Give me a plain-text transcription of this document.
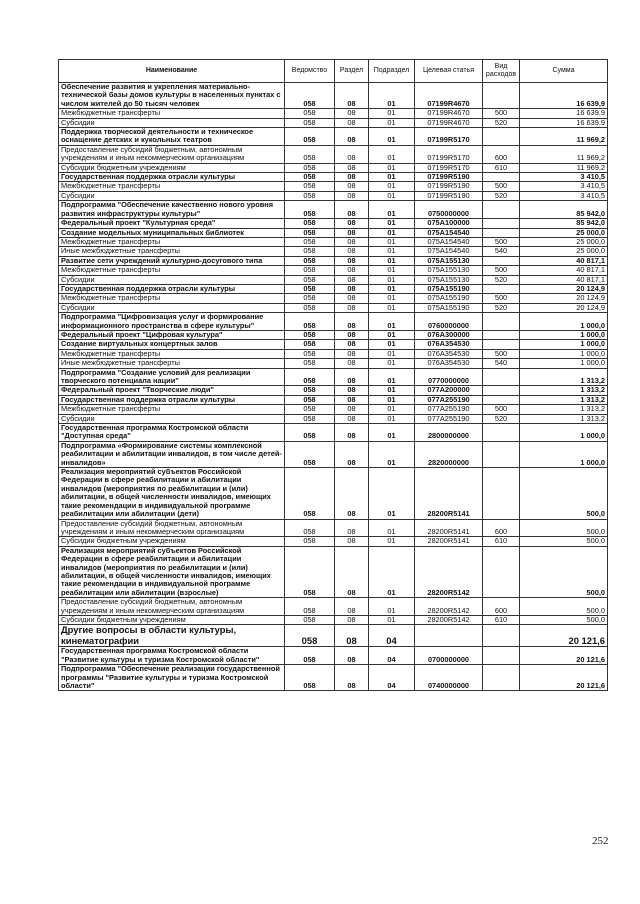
Наименование	Ведомство	Раздел	Подраздел	Целевая статья	Вид расходов	Сумма
Обеспечение развития и укрепления материально-технической базы домов культуры в населенных пунктах с числом жителей до 50 тысяч человек	058	08	01	07199R4670		16 639,9
Межбюджетные трансферты	058	08	01	07199R4670	500	16 639,9
Субсидии	058	08	01	07199R4670	520	16 639,9
Поддержка творческой деятельности и техническое оснащение детских и кукольных театров	058	08	01	07199R5170		11 969,2
Предоставление субсидий бюджетным, автономным учреждениям и иным некоммерческим организациям	058	08	01	07199R5170	600	11 969,2
Субсидии бюджетным учреждениям	058	08	01	07199R5170	610	11 969,2
Государственная поддержка отрасли культуры	058	08	01	07199R5190		3 410,5
Межбюджетные трансферты	058	08	01	07199R5190	500	3 410,5
Субсидии	058	08	01	07199R5190	520	3 410,5
Подпрограмма "Обеспечение качественно нового уровня развития инфраструктуры культуры"	058	08	01	0750000000		85 942,0
Федеральный проект "Культурная среда"	058	08	01	075A100000		85 942,0
Создание модельных муниципальных библиотек	058	08	01	075A154540		25 000,0
Межбюджетные трансферты	058	08	01	075A154540	500	25 000,0
Иные межбюджетные трансферты	058	08	01	075A154540	540	25 000,0
Развитие сети учреждений культурно-досугового типа	058	08	01	075A155130		40 817,1
Межбюджетные трансферты	058	08	01	075A155130	500	40 817,1
Субсидии	058	08	01	075A155130	520	40 817,1
Государственная поддержка отрасли культуры	058	08	01	075A155190		20 124,9
Межбюджетные трансферты	058	08	01	075A155190	500	20 124,9
Субсидии	058	08	01	075A155190	520	20 124,9
Подпрограмма "Цифровизация услуг и формирование информационного пространства в сфере культуры"	058	08	01	0760000000		1 000,0
Федеральный проект "Цифровая культура"	058	08	01	076A300000		1 000,0
Создание виртуальных концертных залов	058	08	01	076A354530		1 000,0
Межбюджетные трансферты	058	08	01	076A354530	500	1 000,0
Иные межбюджетные трансферты	058	08	01	076A354530	540	1 000,0
Подпрограмма "Создание условий для реализации творческого потенциала нации"	058	08	01	0770000000		1 313,2
Федеральный проект "Творческие люди"	058	08	01	077A200000		1 313,2
Государственная поддержка отрасли культуры	058	08	01	077A255190		1 313,2
Межбюджетные трансферты	058	08	01	077A255190	500	1 313,2
Субсидии	058	08	01	077A255190	520	1 313,2
Государственная программа Костромской области "Доступная среда"	058	08	01	2800000000		1 000,0
Подпрограмма «Формирование системы комплексной реабилитации и абилитации инвалидов, в том числе детей-инвалидов»	058	08	01	2820000000		1 000,0
Реализация мероприятий субъектов Российской Федерации в сфере реабилитации и абилитации инвалидов (мероприятия по реабилитации и (или) абилитации, в общей численности инвалидов, имеющих такие рекомендации в индивидуальной программе реабилитации или абилитации (дети)	058	08	01	28200R5141		500,0
Предоставление субсидий бюджетным, автономным учреждениям и иным некоммерческим организациям	058	08	01	28200R5141	600	500,0
Субсидии бюджетным учреждениям	058	08	01	28200R5141	610	500,0
Реализация мероприятий субъектов Российской Федерации в сфере реабилитации и абилитации инвалидов (мероприятия по реабилитации и (или) абилитации, в общей численности инвалидов, имеющих такие рекомендации в индивидуальной программе реабилитации или абилитации (взрослые)	058	08	01	28200R5142		500,0
Предоставление субсидий бюджетным, автономным учреждениям и иным некоммерческим организациям	058	08	01	28200R5142	600	500,0
Субсидии бюджетным учреждениям	058	08	01	28200R5142	610	500,0
Другие вопросы в области культуры, кинематографии	058	08	04			20 121,6
Государственная программа Костромской области "Развитие культуры и туризма Костромской области"	058	08	04	0700000000		20 121,6
Подпрограмма "Обеспечение реализации государственной программы "Развитие культуры и туризма Костромской области"	058	08	04	0740000000		20 121,6
252
